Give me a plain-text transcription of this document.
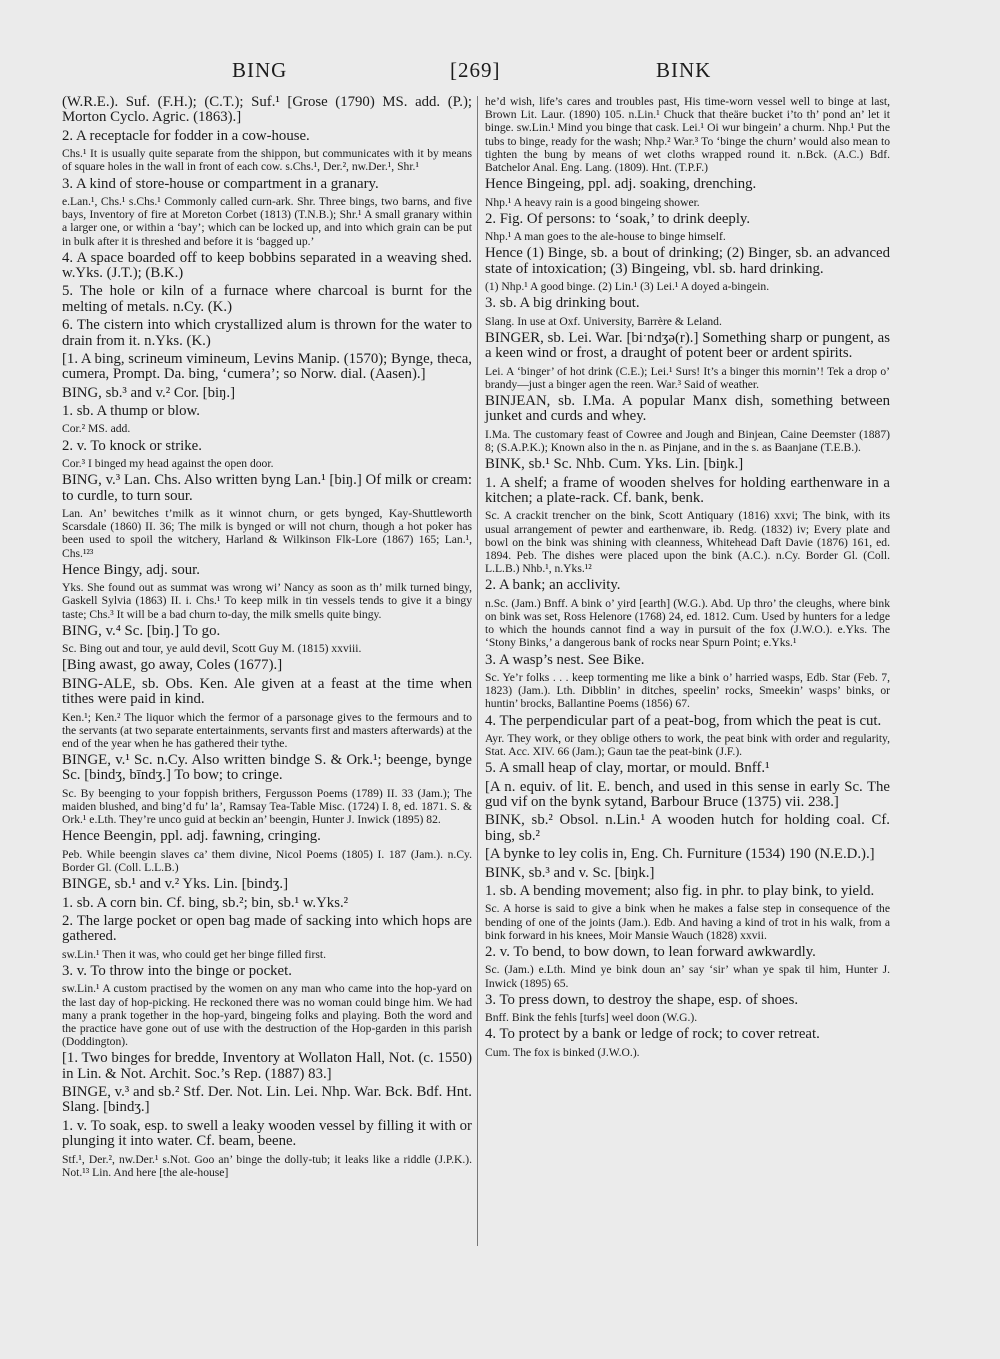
BING	[269]	BINK

(W.R.E.). Suf. (F.H.); (C.T.); Suf.¹ [Grose (1790) MS. add. (P.); Morton Cyclo. Agric. (1863).]

2. A receptacle for fodder in a cow-house.

Chs.¹ It is usually quite separate from the shippon, but communicates with it by means of square holes in the wall in front of each cow. s.Chs.¹, Der.², nw.Der.¹, Shr.¹

3. A kind of store-house or compartment in a granary.

e.Lan.¹, Chs.¹ s.Chs.¹ Commonly called curn-ark. Shr. Three bings, two barns, and five bays, Inventory of fire at Moreton Corbet (1813) (T.N.B.); Shr.¹ A small granary within a larger one, or within a ‘bay’; which can be locked up, and into which grain can be put in bulk after it is threshed and before it is ‘bagged up.’

4. A space boarded off to keep bobbins separated in a weaving shed. w.Yks. (J.T.); (B.K.)

5. The hole or kiln of a furnace where charcoal is burnt for the melting of metals. n.Cy. (K.)

6. The cistern into which crystallized alum is thrown for the water to drain from it. n.Yks. (K.)

[1. A bing, scrineum vimineum, Levins Manip. (1570); Bynge, theca, cumera, Prompt. Da. bing, ‘cumera’; so Norw. dial. (Aasen).]

BING, sb.³ and v.² Cor. [biŋ.]

1. sb. A thump or blow.

Cor.² MS. add.

2. v. To knock or strike.

Cor.³ I binged my head against the open door.

BING, v.³ Lan. Chs. Also written byng Lan.¹ [biŋ.] Of milk or cream: to curdle, to turn sour.

Lan. An’ bewitches t’milk as it winnot churn, or gets bynged, Kay-Shuttleworth Scarsdale (1860) II. 36; The milk is bynged or will not churn, though a hot poker has been used to spoil the witchery, Harland & Wilkinson Flk-Lore (1867) 165; Lan.¹, Chs.¹²³

Hence Bingy, adj. sour.

Yks. She found out as summat was wrong wi’ Nancy as soon as th’ milk turned bingy, Gaskell Sylvia (1863) II. i. Chs.¹ To keep milk in tin vessels tends to give it a bingy taste; Chs.³ It will be a bad churn to-day, the milk smells quite bingy.

BING, v.⁴ Sc. [biŋ.] To go.

Sc. Bing out and tour, ye auld devil, Scott Guy M. (1815) xxviii.

[Bing awast, go away, Coles (1677).]

BING-ALE, sb. Obs. Ken. Ale given at a feast at the time when tithes were paid in kind.

Ken.¹; Ken.² The liquor which the fermor of a parsonage gives to the fermours and to the servants (at two separate entertainments, servants first and masters afterwards) at the end of the year when he has gathered their tythe.

BINGE, v.¹ Sc. n.Cy. Also written bindge S. & Ork.¹; beenge, bynge Sc. [bindʒ, bīndʒ.] To bow; to cringe.

Sc. By beenging to your foppish brithers, Fergusson Poems (1789) II. 33 (Jam.); The maiden blushed, and bing’d fu’ la’, Ramsay Tea-Table Misc. (1724) I. 8, ed. 1871. S. & Ork.¹ e.Lth. They’re unco guid at beckin an’ beengin, Hunter J. Inwick (1895) 82.

Hence Beengin, ppl. adj. fawning, cringing.

Peb. While beengin slaves ca’ them divine, Nicol Poems (1805) I. 187 (Jam.). n.Cy. Border Gl. (Coll. L.L.B.)

BINGE, sb.¹ and v.² Yks. Lin. [bindʒ.]

1. sb. A corn bin. Cf. bing, sb.²; bin, sb.¹ w.Yks.²

2. The large pocket or open bag made of sacking into which hops are gathered.

sw.Lin.¹ Then it was, who could get her binge filled first.

3. v. To throw into the binge or pocket.

sw.Lin.¹ A custom practised by the women on any man who came into the hop-yard on the last day of hop-picking. He reckoned there was no woman could binge him. We had many a prank together in the hop-yard, bingeing folks and playing. Both the word and the practice have gone out of use with the destruction of the Hop-garden in this parish (Doddington).

[1. Two binges for bredde, Inventory at Wollaton Hall, Not. (c. 1550) in Lin. & Not. Archit. Soc.’s Rep. (1887) 83.]

BINGE, v.³ and sb.² Stf. Der. Not. Lin. Lei. Nhp. War. Bck. Bdf. Hnt. Slang. [bindʒ.]

1. v. To soak, esp. to swell a leaky wooden vessel by filling it with or plunging it into water. Cf. beam, beene.

Stf.¹, Der.², nw.Der.¹ s.Not. Goo an’ binge the dolly-tub; it leaks like a riddle (J.P.K.). Not.¹³ Lin. And here [the ale-house]

he’d wish, life’s cares and troubles past, His time-worn vessel well to binge at last, Brown Lit. Laur. (1890) 105. n.Lin.¹ Chuck that theäre bucket i’to th’ pond an’ let it binge. sw.Lin.¹ Mind you binge that cask. Lei.¹ Oi wur bingein’ a churm. Nhp.¹ Put the tubs to binge, ready for the wash; Nhp.² War.³ To ‘binge the churn’ would also mean to tighten the bung by means of wet cloths wrapped round it. n.Bck. (A.C.) Bdf. Batchelor Anal. Eng. Lang. (1809). Hnt. (T.P.F.)

Hence Bingeing, ppl. adj. soaking, drenching.

Nhp.¹ A heavy rain is a good bingeing shower.

2. Fig. Of persons: to ‘soak,’ to drink deeply.

Nhp.¹ A man goes to the ale-house to binge himself.

Hence (1) Binge, sb. a bout of drinking; (2) Binger, sb. an advanced state of intoxication; (3) Bingeing, vbl. sb. hard drinking.

(1) Nhp.¹ A good binge. (2) Lin.¹ (3) Lei.¹ A doyed a-bingein.

3. sb. A big drinking bout.

Slang. In use at Oxf. University, Barrère & Leland.

BINGER, sb. Lei. War. [biˑndʒə(r).] Something sharp or pungent, as a keen wind or frost, a draught of potent beer or ardent spirits.

Lei. A ‘binger’ of hot drink (C.E.); Lei.¹ Surs! It’s a binger this mornin’! Tek a drop o’ brandy—just a binger agen the reen. War.³ Said of weather.

BINJEAN, sb. I.Ma. A popular Manx dish, something between junket and curds and whey.

I.Ma. The customary feast of Cowree and Jough and Binjean, Caine Deemster (1887) 8; (S.A.P.K.); Known also in the n. as Pinjane, and in the s. as Baanjane (T.E.B.).

BINK, sb.¹ Sc. Nhb. Cum. Yks. Lin. [biŋk.]

1. A shelf; a frame of wooden shelves for holding earthenware in a kitchen; a plate-rack. Cf. bank, benk.

Sc. A crackit trencher on the bink, Scott Antiquary (1816) xxvi; The bink, with its usual arrangement of pewter and earthenware, ib. Redg. (1832) iv; Every plate and bowl on the bink was shining with cleanness, Whitehead Daft Davie (1876) 161, ed. 1894. Peb. The dishes were placed upon the bink (A.C.). n.Cy. Border Gl. (Coll. L.L.B.) Nhb.¹, n.Yks.¹²

2. A bank; an acclivity.

n.Sc. (Jam.) Bnff. A bink o’ yird [earth] (W.G.). Abd. Up thro’ the cleughs, where bink on bink was set, Ross Helenore (1768) 24, ed. 1812. Cum. Used by hunters for a ledge to which the hounds cannot find a way in pursuit of the fox (J.W.O.). e.Yks. The ‘Stony Binks,’ a dangerous bank of rocks near Spurn Point; e.Yks.¹

3. A wasp’s nest. See Bike.

Sc. Ye’r folks . . . keep tormenting me like a bink o’ harried wasps, Edb. Star (Feb. 7, 1823) (Jam.). Lth. Dibblin’ in ditches, speelin’ rocks, Smeekin’ wasps’ binks, or huntin’ brocks, Ballantine Poems (1856) 67.

4. The perpendicular part of a peat-bog, from which the peat is cut.

Ayr. They work, or they oblige others to work, the peat bink with order and regularity, Stat. Acc. XIV. 66 (Jam.); Gaun tae the peat-bink (J.F.).

5. A small heap of clay, mortar, or mould. Bnff.¹

[A n. equiv. of lit. E. bench, and used in this sense in early Sc. The gud vif on the bynk sytand, Barbour Bruce (1375) vii. 238.]

BINK, sb.² Obsol. n.Lin.¹ A wooden hutch for holding coal. Cf. bing, sb.²

[A bynke to ley colis in, Eng. Ch. Furniture (1534) 190 (N.E.D.).]

BINK, sb.³ and v. Sc. [biŋk.]

1. sb. A bending movement; also fig. in phr. to play bink, to yield.

Sc. A horse is said to give a bink when he makes a false step in consequence of the bending of one of the joints (Jam.). Edb. And having a kind of trot in his walk, from a bink forward in his knees, Moir Mansie Wauch (1828) xxvii.

2. v. To bend, to bow down, to lean forward awkwardly.

Sc. (Jam.) e.Lth. Mind ye bink doun an’ say ‘sir’ whan ye spak til him, Hunter J. Inwick (1895) 65.

3. To press down, to destroy the shape, esp. of shoes.

Bnff. Bink the fehls [turfs] weel doon (W.G.).

4. To protect by a bank or ledge of rock; to cover retreat.

Cum. The fox is binked (J.W.O.).
